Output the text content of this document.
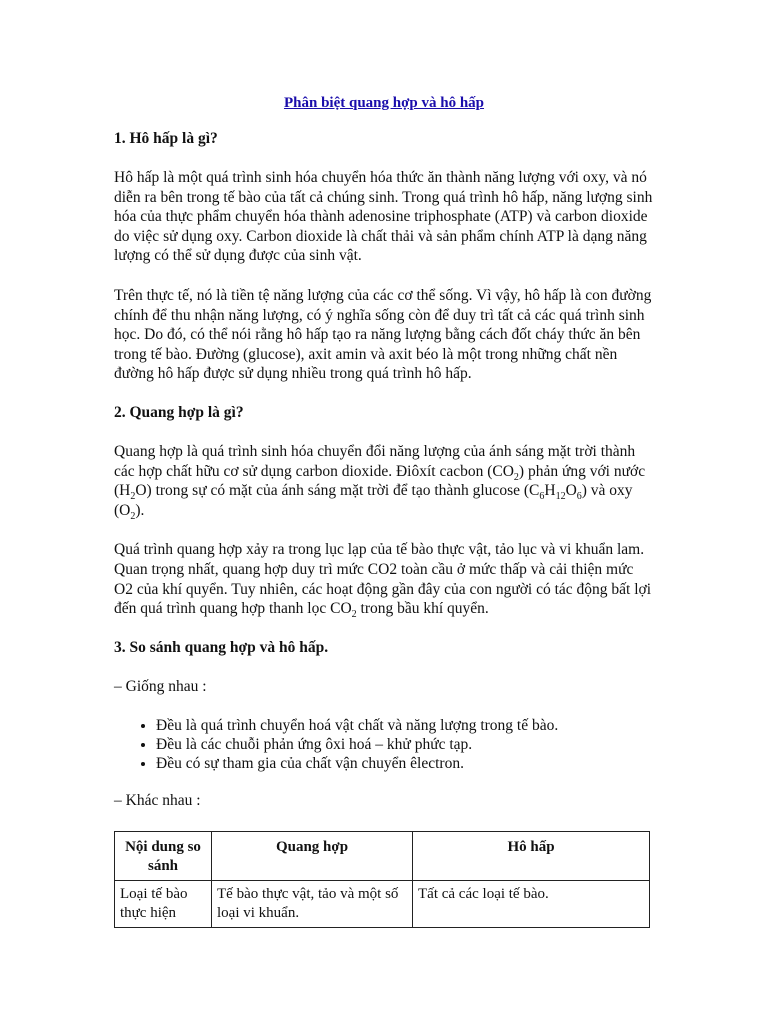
Phân biệt quang hợp và hô hấp
1. Hô hấp là gì?

Hô hấp là một quá trình sinh hóa chuyển hóa thức ăn thành năng lượng với oxy, và nó diễn ra bên trong tế bào của tất cả chúng sinh. Trong quá trình hô hấp, năng lượng sinh hóa của thực phẩm chuyển hóa thành adenosine triphosphate (ATP) và carbon dioxide do việc sử dụng oxy. Carbon dioxide là chất thải và sản phẩm chính ATP là dạng năng lượng có thể sử dụng được của sinh vật.

Trên thực tế, nó là tiền tệ năng lượng của các cơ thể sống. Vì vậy, hô hấp là con đường chính để thu nhận năng lượng, có ý nghĩa sống còn để duy trì tất cả các quá trình sinh học. Do đó, có thể nói rằng hô hấp tạo ra năng lượng bằng cách đốt cháy thức ăn bên trong tế bào. Đường (glucose), axit amin và axit béo là một trong những chất nền đường hô hấp được sử dụng nhiều trong quá trình hô hấp.

2. Quang hợp là gì?

Quang hợp là quá trình sinh hóa chuyển đổi năng lượng của ánh sáng mặt trời thành các hợp chất hữu cơ sử dụng carbon dioxide. Điôxít cacbon $(CO_2)$ phản ứng với nước $(H_2O)$ trong sự có mặt của ánh sáng mặt trời để tạo thành glucose $(C_6H_{12}O_6)$ và oxy $(O_2)$.

Quá trình quang hợp xảy ra trong lục lạp của tế bào thực vật, tảo lục và vi khuẩn lam. Quan trọng nhất, quang hợp duy trì mức CO2 toàn cầu ở mức thấp và cải thiện mức O2 của khí quyển. Tuy nhiên, các hoạt động gần đây của con người có tác động bất lợi đến quá trình quang hợp thanh lọc $CO_2$ trong bầu khí quyển.

3. So sánh quang hợp và hô hấp.

– Giống nhau :

• Đều là quá trình chuyển hoá vật chất và năng lượng trong tế bào.
• Đều là các chuỗi phản ứng ôxi hoá – khử phức tạp.
• Đều có sự tham gia của chất vận chuyển êlectron.

– Khác nhau :

Nội dung so sánh	Quang hợp	Hô hấp
Loại tế bào thực hiện	Tế bào thực vật, tảo và một số loại vi khuẩn.	Tất cả các loại tế bào.
